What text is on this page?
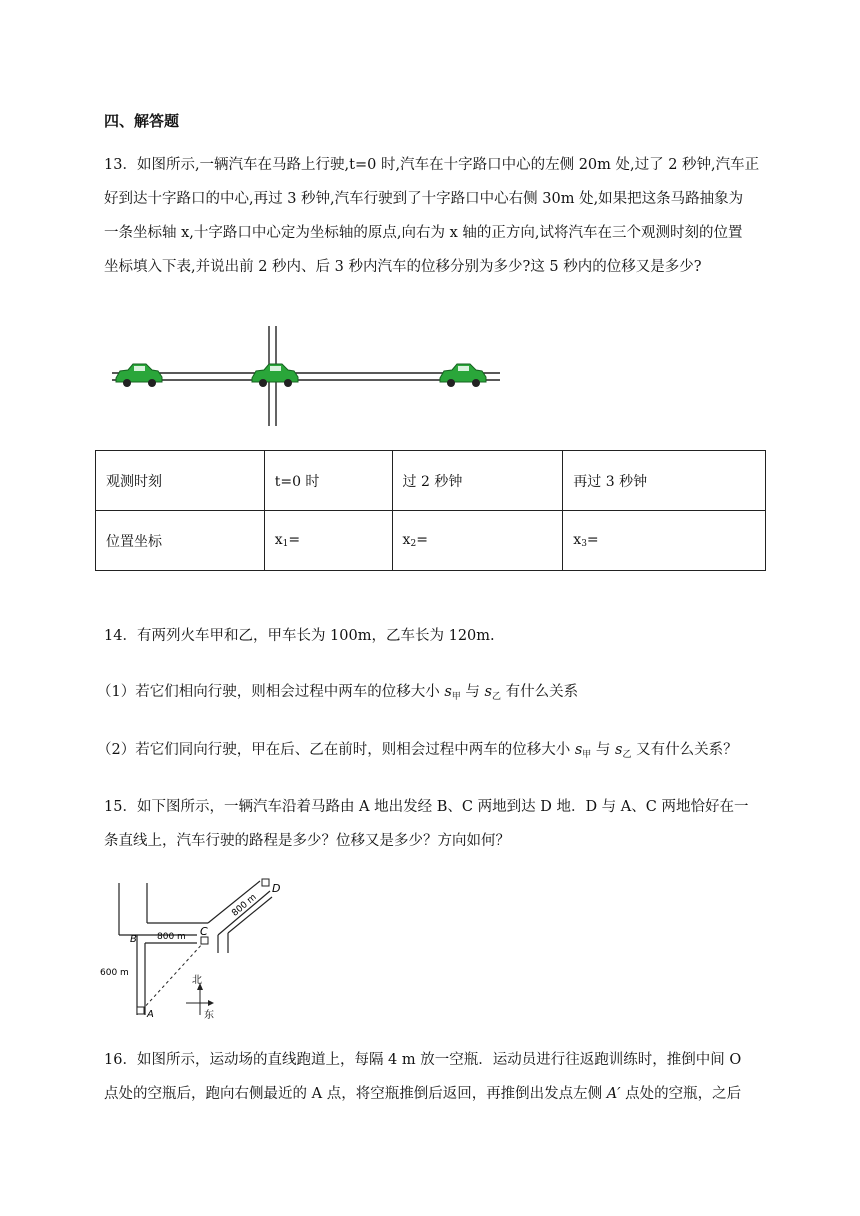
四、解答题
13．如图所示,一辆汽车在马路上行驶,t=0 时,汽车在十字路口中心的左侧 20m 处,过了 2 秒钟,汽车正
好到达十字路口的中心,再过 3 秒钟,汽车行驶到了十字路口中心右侧 30m 处,如果把这条马路抽象为
一条坐标轴 x,十字路口中心定为坐标轴的原点,向右为 x 轴的正方向,试将汽车在三个观测时刻的位置
坐标填入下表,并说出前 2 秒内、后 3 秒内汽车的位移分别为多少?这 5 秒内的位移又是多少?
观测时刻	t=0 时	过 2 秒钟	再过 3 秒钟
位置坐标	$x_1=$	$x_2=$	$x_3=$
14．有两列火车甲和乙，甲车长为 100m，乙车长为 120m.
（1）若它们相向行驶，则相会过程中两车的位移大小 $s_甲$ 与 $s_乙$ 有什么关系
（2）若它们同向行驶，甲在后、乙在前时，则相会过程中两车的位移大小 $s_甲$ 与 $s_乙$ 又有什么关系？
15．如下图所示，一辆汽车沿着马路由 A 地出发经 B、C 两地到达 D 地．D 与 A、C 两地恰好在一
条直线上，汽车行驶的路程是多少？位移又是多少？方向如何？
D
C
B
A
800 m
600 m
800 m
北
东
16．如图所示，运动场的直线跑道上，每隔 4 m 放一空瓶．运动员进行往返跑训练时，推倒中间 O
点处的空瓶后，跑向右侧最近的 A 点，将空瓶推倒后返回，再推倒出发点左侧 A′ 点处的空瓶，之后
